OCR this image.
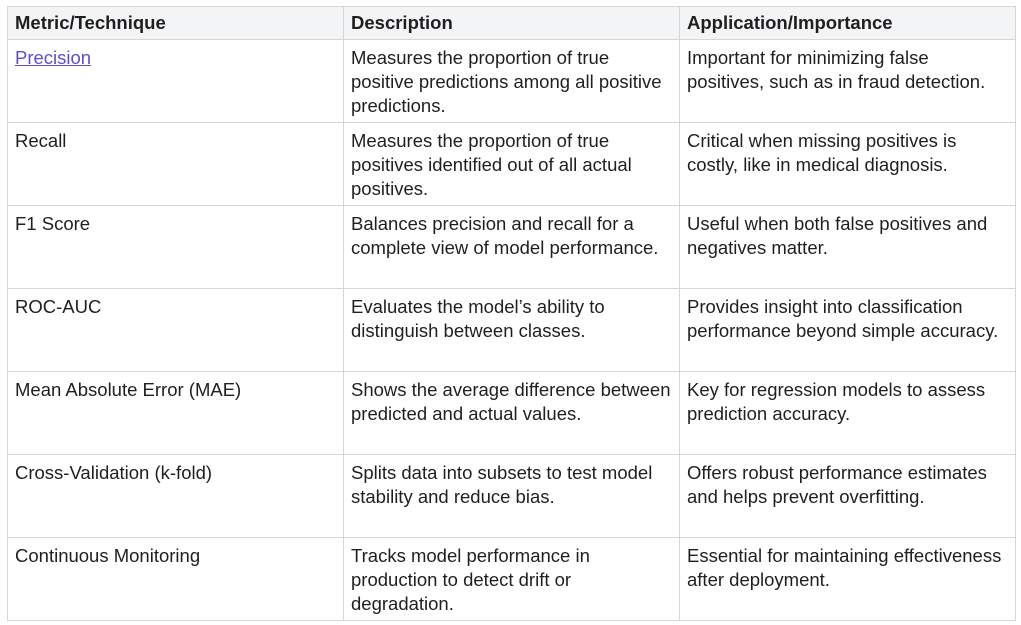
Metric/Technique	Description	Application/Importance
Precision	Measures the proportion of true positive predictions among all positive predictions.	Important for minimizing false positives, such as in fraud detection.
Recall	Measures the proportion of true positives identified out of all actual positives.	Critical when missing positives is costly, like in medical diagnosis.
F1 Score	Balances precision and recall for a complete view of model performance.	Useful when both false positives and negatives matter.
ROC-AUC	Evaluates the model’s ability to distinguish between classes.	Provides insight into classification performance beyond simple accuracy.
Mean Absolute Error (MAE)	Shows the average difference between predicted and actual values.	Key for regression models to assess prediction accuracy.
Cross-Validation (k-fold)	Splits data into subsets to test model stability and reduce bias.	Offers robust performance estimates and helps prevent overfitting.
Continuous Monitoring	Tracks model performance in production to detect drift or degradation.	Essential for maintaining effectiveness after deployment.
